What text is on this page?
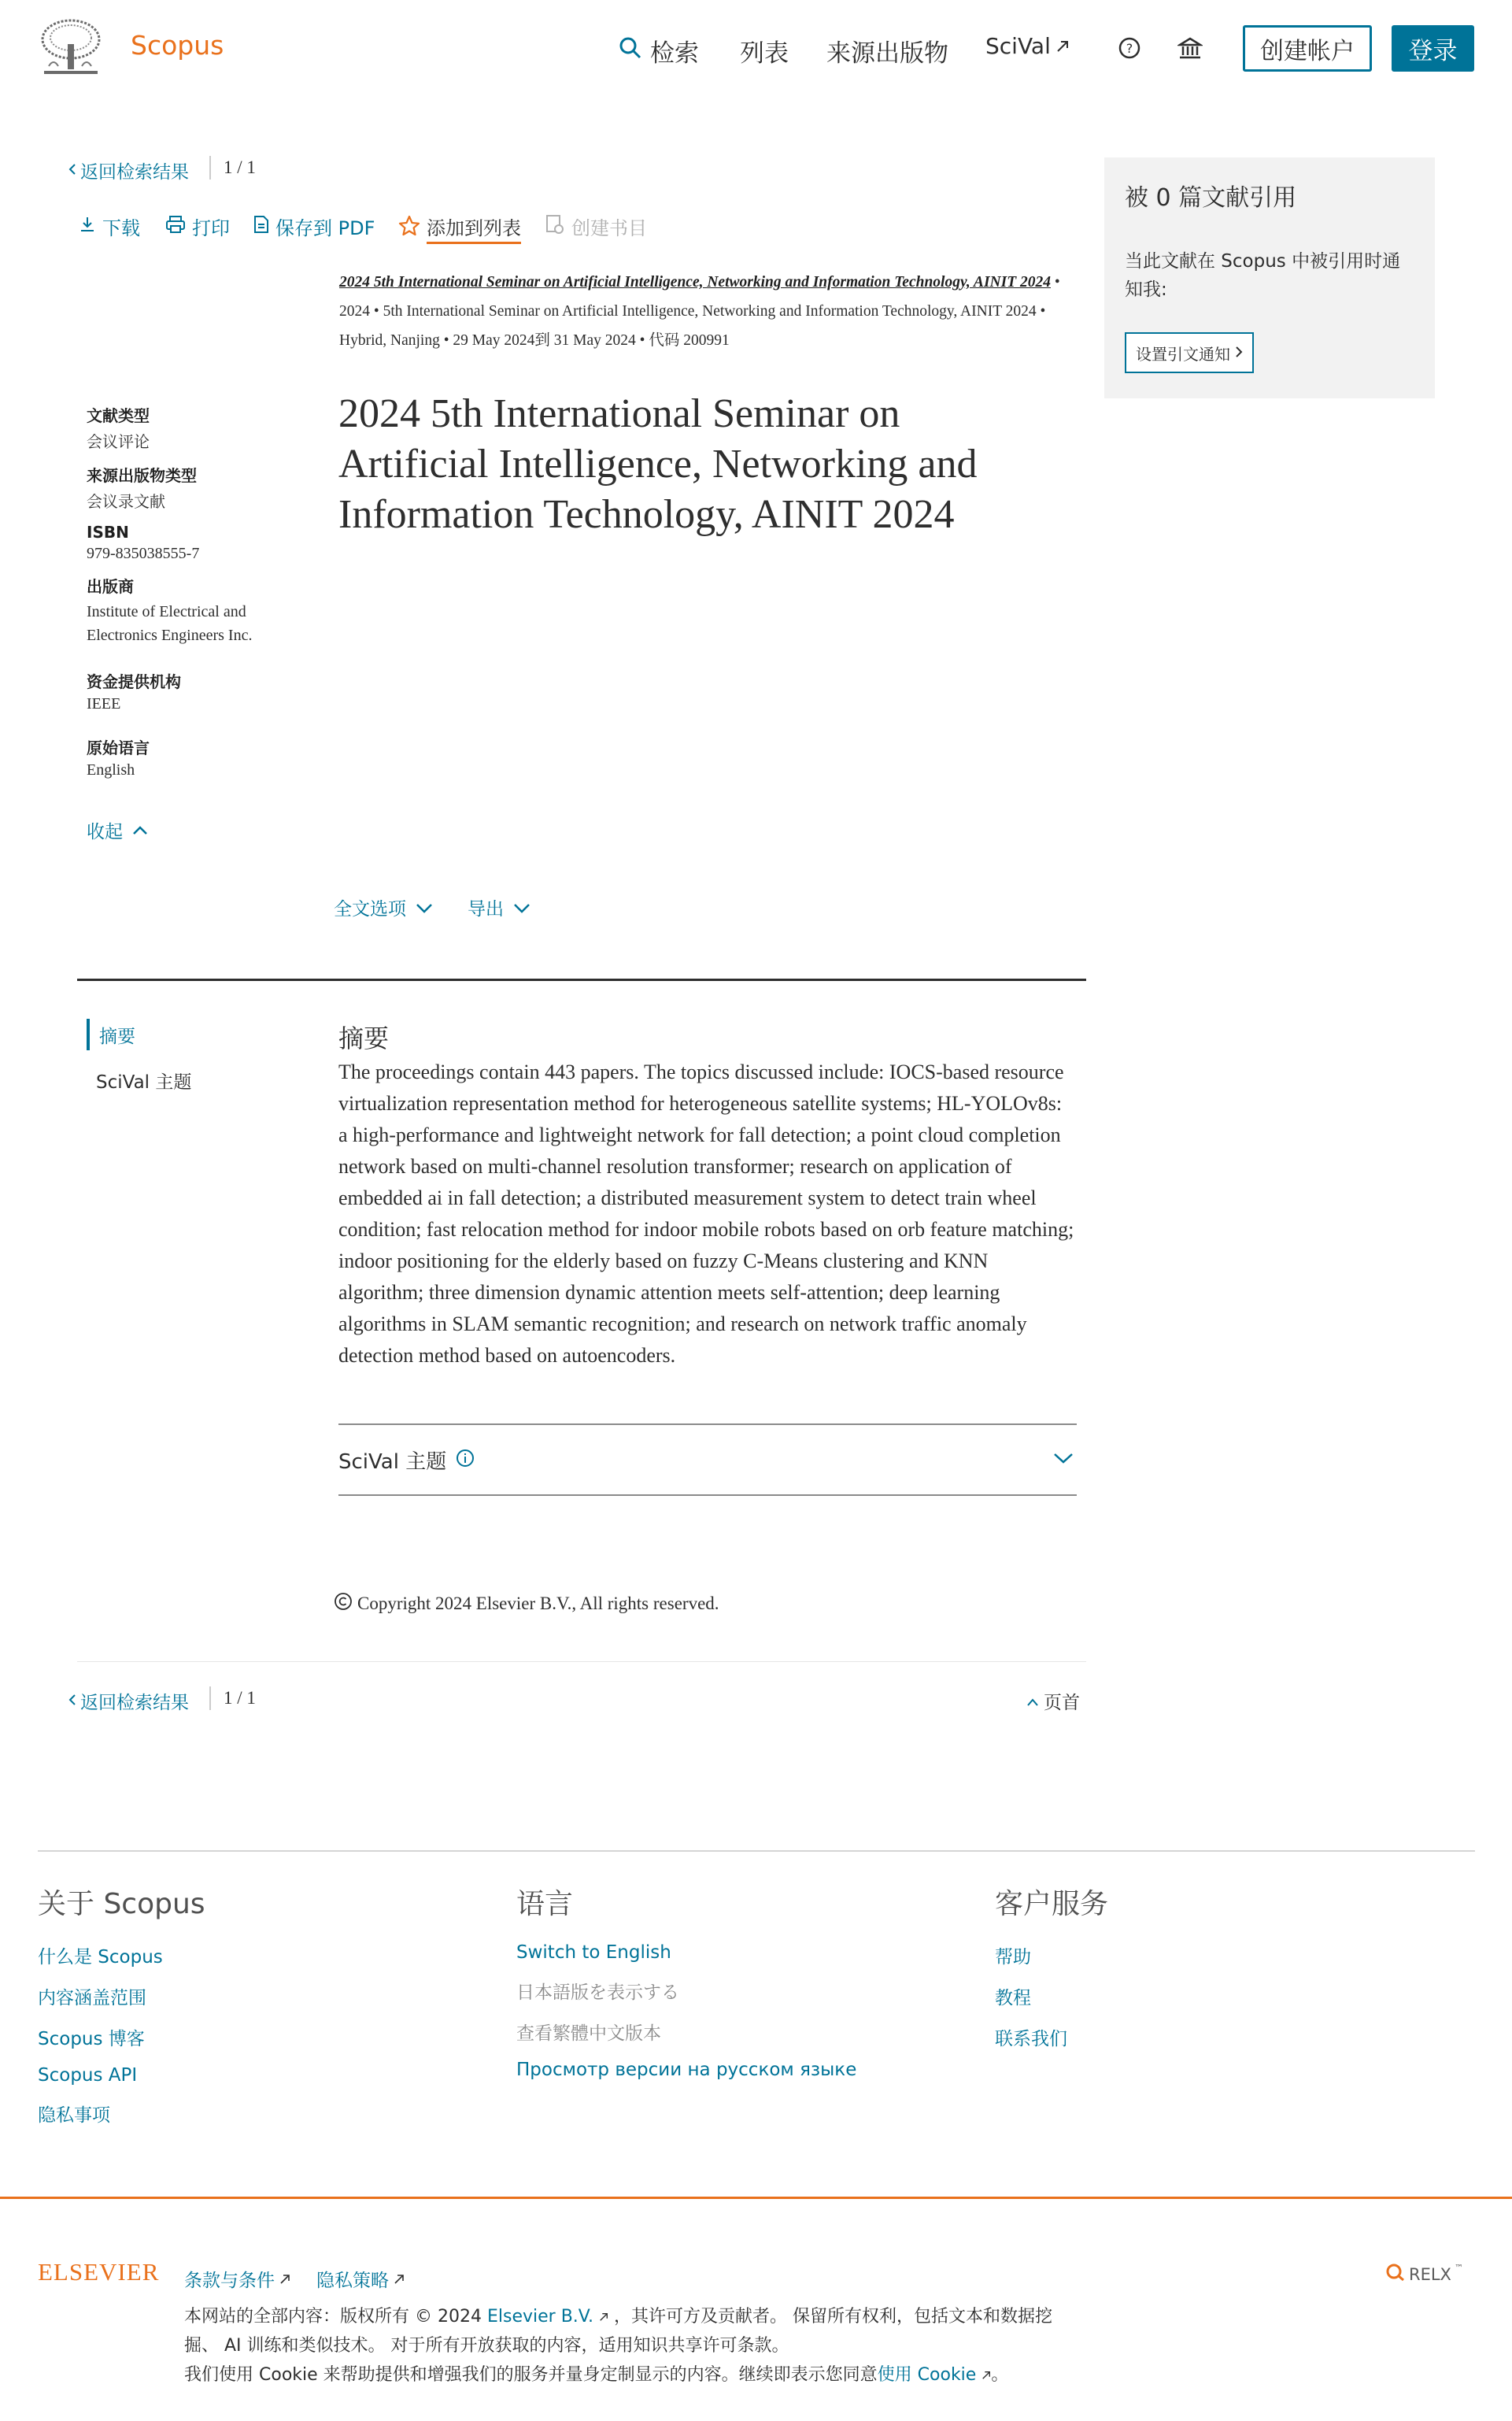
Scopus	检索 列表 来源出版物 SciVal	?	创建帐户	登录
返回检索结果 1 / 1
下载	打印 保存到 PDF	添加到列表	创建书目
2024 5th International Seminar on Artificial Intelligence, Networking and Information Technology, AINIT 2024 • 2024 • 5th International Seminar on Artificial Intelligence, Networking and Information Technology, AINIT 2024 • Hybrid, Nanjing • 29 May 2024到 31 May 2024 • 代码 200991
2024 5th International Seminar on Artificial Intelligence, Networking and Information Technology, AINIT 2024
文献类型
会议评论
来源出版物类型
会议录文献
ISBN
979-835038555-7
出版商
Institute of Electrical and Electronics Engineers Inc.
资金提供机构
IEEE
原始语言
English
收起
全文选项	导出
摘要
SciVal 主题
摘要

The proceedings contain 443 papers. The topics discussed include: IOCS-based resource virtualization representation method for heterogeneous satellite systems; HL-YOLOv8s: a high-performance and lightweight network for fall detection; a point cloud completion network based on multi-channel resolution transformer; research on application of embedded ai in fall detection; a distributed measurement system to detect train wheel condition; fast relocation method for indoor mobile robots based on orb feature matching; indoor positioning for the elderly based on fuzzy C-Means clustering and KNN algorithm; three dimension dynamic attention meets self-attention; deep learning algorithms in SLAM semantic recognition; and research on network traffic anomaly detection method based on autoencoders.

SciVal 主题
Copyright 2024 Elsevier B.V., All rights reserved.
返回检索结果 1 / 1	页首
被 0 篇文献引用
当此文献在 Scopus 中被引用时通知我:
设置引文通知
关于 Scopus
什么是 Scopus
内容涵盖范围
Scopus 博客
Scopus API
隐私事项
语言
Switch to English
日本語版を表示する
查看繁體中文版本
Просмотр версии на русском языке
客户服务
帮助
教程
联系我们
ELSEVIER 条款与条件 隐私策略	RELX ™
本网站的全部内容：版权所有 © 2024 Elsevier B.V. ，其许可方及贡献者。 保留所有权利，包括文本和数据挖
掘、 AI 训练和类似技术。 对于所有开放获取的内容，适用知识共享许可条款。
我们使用 Cookie 来帮助提供和增强我们的服务并量身定制显示的内容。继续即表示您同意使用 Cookie 。
